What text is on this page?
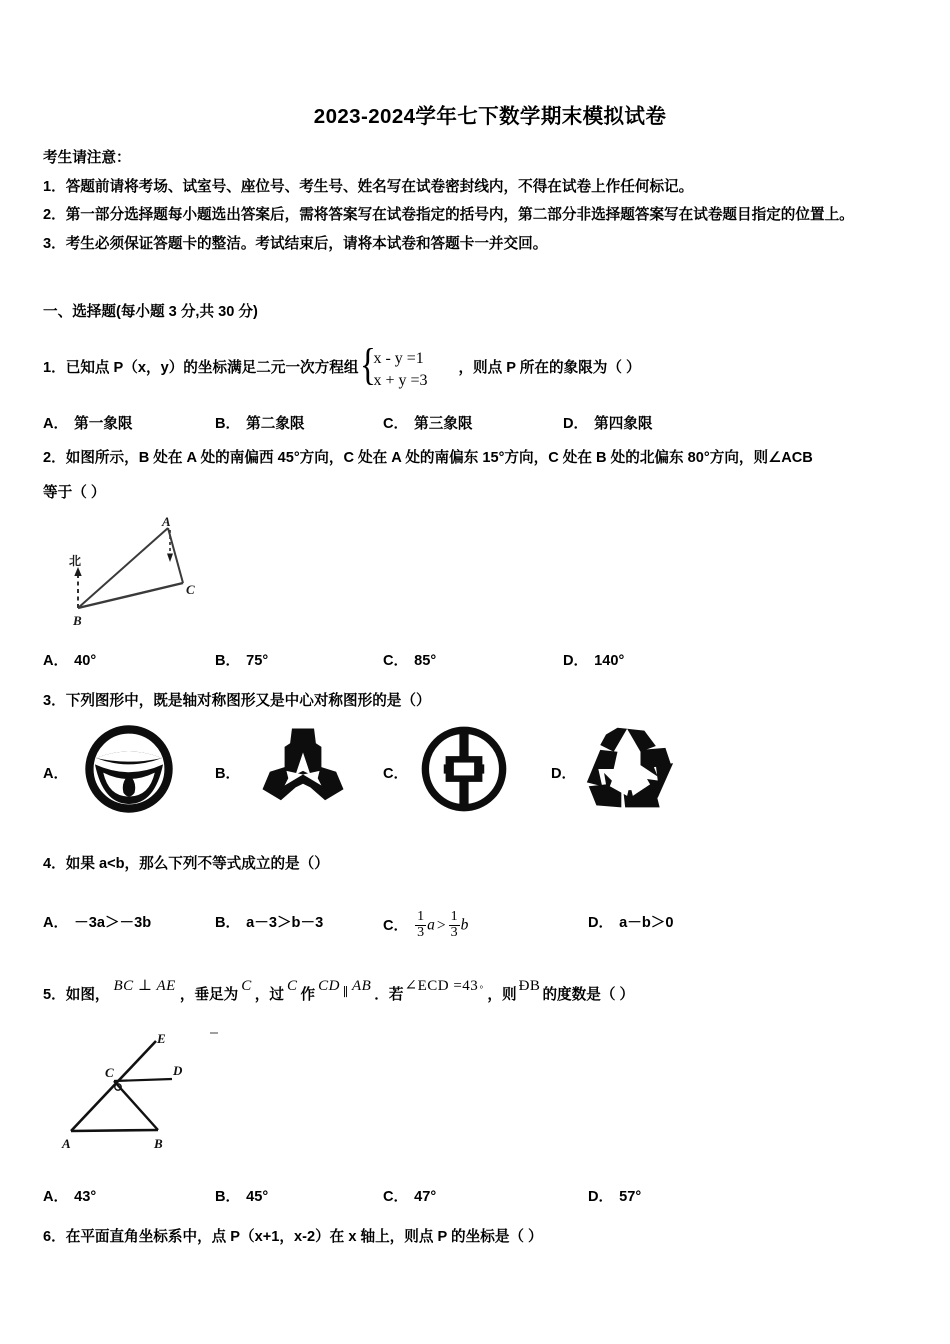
2023-2024学年七下数学期末模拟试卷
考生请注意：
1．答题前请将考场、试室号、座位号、考生号、姓名写在试卷密封线内，不得在试卷上作任何标记。
2．第一部分选择题每小题选出答案后，需将答案写在试卷指定的括号内，第二部分非选择题答案写在试卷题目指定的位置上。
3．考生必须保证答题卡的整洁。考试结束后，请将本试卷和答题卡一并交回。
一、选择题(每小题 3 分,共 30 分)
1．已知点 P（x，y）的坐标满足二元一次方程组 {
x - y =1
x + y =3
，则点 P 所在的象限为（ ）
A． 第一象限	B． 第二象限	C． 第三象限	D． 第四象限
2．如图所示，B 处在 A 处的南偏西 45°方向，C 处在 A 处的南偏东 15°方向，C 处在 B 处的北偏东 80°方向，则∠ACB
等于（ ）
北
A
B
C
A． 40°	B． 75°	C． 85°	D． 140°
3．下列图形中，既是轴对称图形又是中心对称图形的是（）
A．	B．	C．	D．
4．如果 a<b，那么下列不等式成立的是（）
A． －3a＞－3b	B． a－3＞b－3	C． $\frac{1}{3}$ $a > \frac{1}{3}$ b	D． a－b＞0
5．如图，BC ⊥ AE，垂足为C，过C作CD ∥ AB．若∠ECD =43° ，则ÐB的度数是（ ）
E
D
C
A	B
A． 43°	B． 45°	C． 47°	D． 57°
6．在平面直角坐标系中，点 P（x+1，x-2）在 x 轴上，则点 P 的坐标是（ ）
